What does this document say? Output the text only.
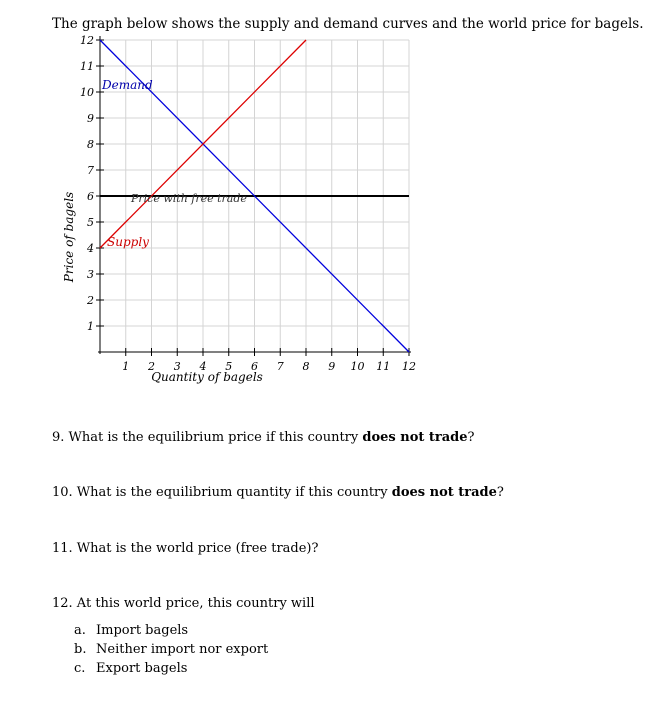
The graph below shows the supply and demand curves and the world price for bagels.
1
2
3
4
5
6
7
8
9
10
11
12
1 2 3 4 5 6 7 8 9 10 11 12
Demand
Supply
Price with free trade
Quantity of bagels
Price of bagels
9. What is the equilibrium price if this country does not trade?
10. What is the equilibrium quantity if this country does not trade?
11. What is the world price (free trade)?
12. At this world price, this country will
a. Import bagels
b. Neither import nor export
c. Export bagels
